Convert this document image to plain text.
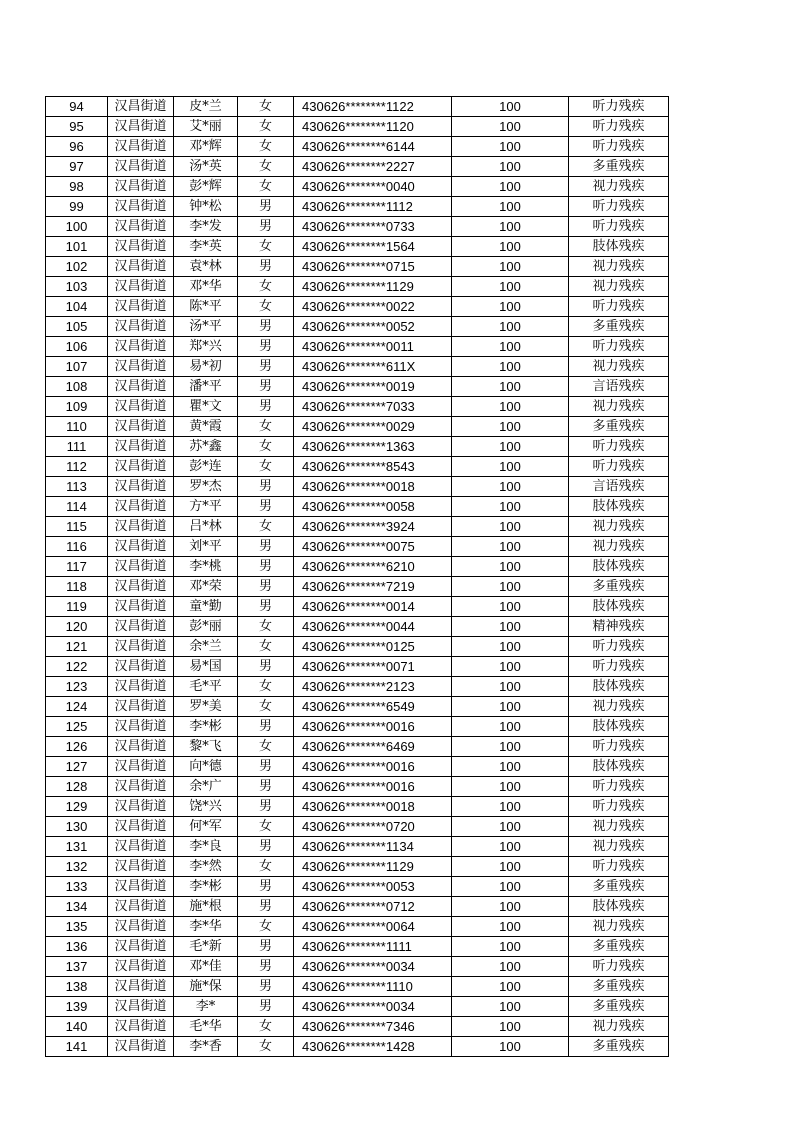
94	汉昌街道	皮*兰	女	430626********1122	100	听力残疾
95	汉昌街道	艾*丽	女	430626********1120	100	听力残疾
96	汉昌街道	邓*辉	女	430626********6144	100	听力残疾
97	汉昌街道	汤*英	女	430626********2227	100	多重残疾
98	汉昌街道	彭*辉	女	430626********0040	100	视力残疾
99	汉昌街道	钟*松	男	430626********1112	100	听力残疾
100	汉昌街道	李*发	男	430626********0733	100	听力残疾
101	汉昌街道	李*英	女	430626********1564	100	肢体残疾
102	汉昌街道	袁*林	男	430626********0715	100	视力残疾
103	汉昌街道	邓*华	女	430626********1129	100	视力残疾
104	汉昌街道	陈*平	女	430626********0022	100	听力残疾
105	汉昌街道	汤*平	男	430626********0052	100	多重残疾
106	汉昌街道	郑*兴	男	430626********0011	100	听力残疾
107	汉昌街道	易*初	男	430626********611X	100	视力残疾
108	汉昌街道	潘*平	男	430626********0019	100	言语残疾
109	汉昌街道	瞿*文	男	430626********7033	100	视力残疾
110	汉昌街道	黄*霞	女	430626********0029	100	多重残疾
111	汉昌街道	苏*鑫	女	430626********1363	100	听力残疾
112	汉昌街道	彭*连	女	430626********8543	100	听力残疾
113	汉昌街道	罗*杰	男	430626********0018	100	言语残疾
114	汉昌街道	方*平	男	430626********0058	100	肢体残疾
115	汉昌街道	吕*林	女	430626********3924	100	视力残疾
116	汉昌街道	刘*平	男	430626********0075	100	视力残疾
117	汉昌街道	李*桃	男	430626********6210	100	肢体残疾
118	汉昌街道	邓*荣	男	430626********7219	100	多重残疾
119	汉昌街道	童*勤	男	430626********0014	100	肢体残疾
120	汉昌街道	彭*丽	女	430626********0044	100	精神残疾
121	汉昌街道	余*兰	女	430626********0125	100	听力残疾
122	汉昌街道	易*国	男	430626********0071	100	听力残疾
123	汉昌街道	毛*平	女	430626********2123	100	肢体残疾
124	汉昌街道	罗*美	女	430626********6549	100	视力残疾
125	汉昌街道	李*彬	男	430626********0016	100	肢体残疾
126	汉昌街道	黎*飞	女	430626********6469	100	听力残疾
127	汉昌街道	向*德	男	430626********0016	100	肢体残疾
128	汉昌街道	余*广	男	430626********0016	100	听力残疾
129	汉昌街道	饶*兴	男	430626********0018	100	听力残疾
130	汉昌街道	何*军	女	430626********0720	100	视力残疾
131	汉昌街道	李*良	男	430626********1134	100	视力残疾
132	汉昌街道	李*然	女	430626********1129	100	听力残疾
133	汉昌街道	李*彬	男	430626********0053	100	多重残疾
134	汉昌街道	施*根	男	430626********0712	100	肢体残疾
135	汉昌街道	李*华	女	430626********0064	100	视力残疾
136	汉昌街道	毛*新	男	430626********1111	100	多重残疾
137	汉昌街道	邓*佳	男	430626********0034	100	听力残疾
138	汉昌街道	施*保	男	430626********1110	100	多重残疾
139	汉昌街道	李*	男	430626********0034	100	多重残疾
140	汉昌街道	毛*华	女	430626********7346	100	视力残疾
141	汉昌街道	李*香	女	430626********1428	100	多重残疾
